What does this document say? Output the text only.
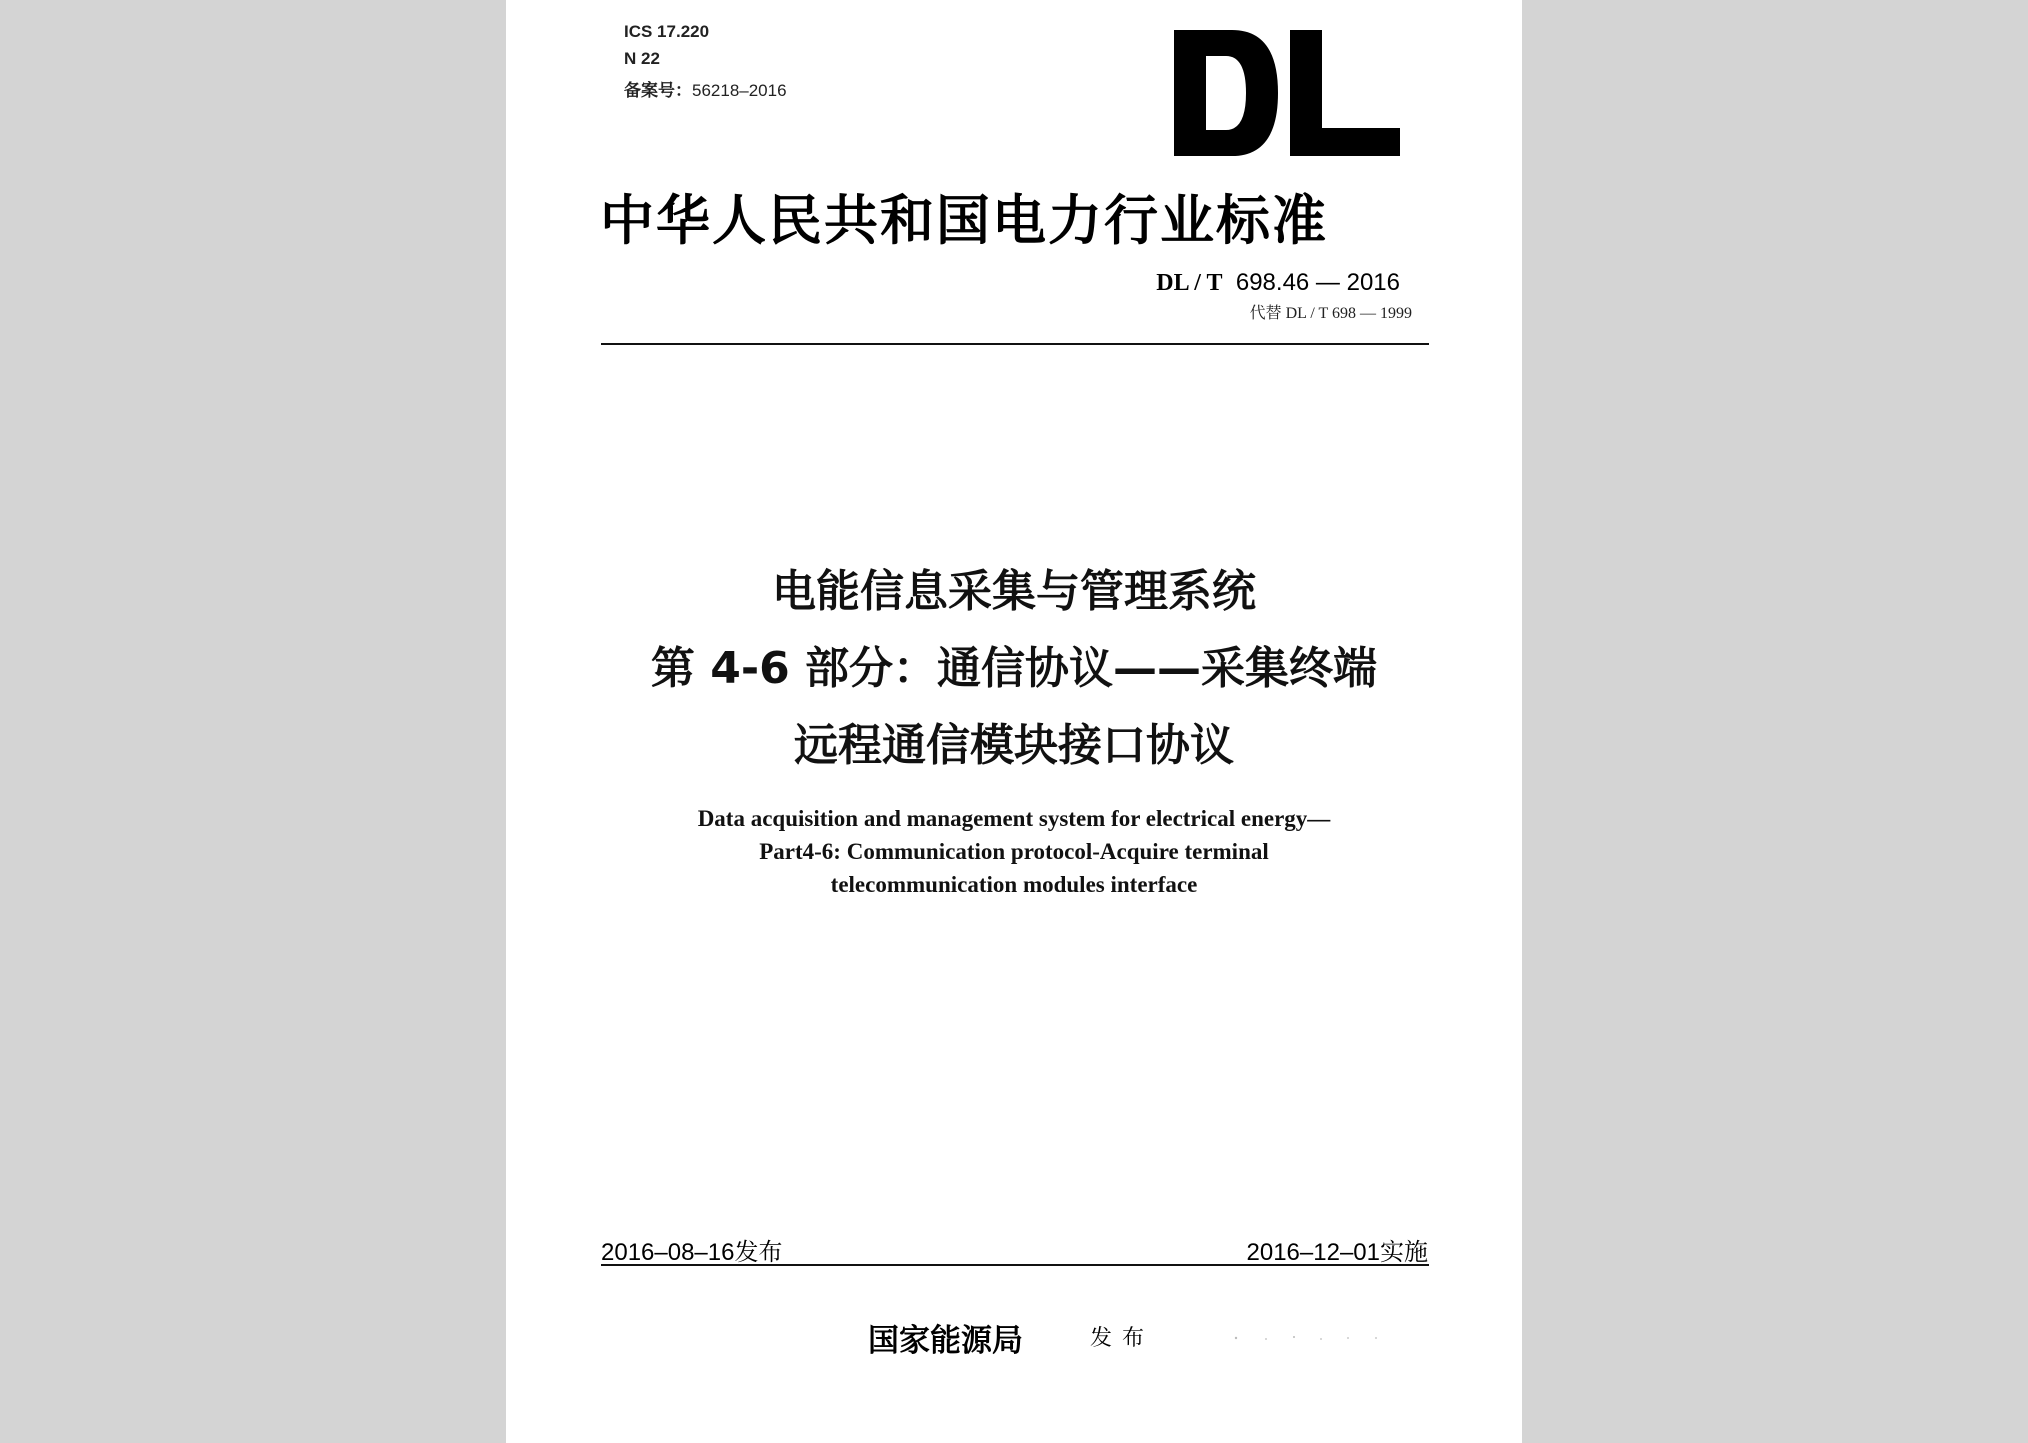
ICS 17.220
N 22
备案号：56218–2016
中华人民共和国电力行业标准
DL / T 698.46 — 2016
代替 DL / T 698 — 1999
电能信息采集与管理系统
第 4-6 部分：通信协议——采集终端
远程通信模块接口协议
Data acquisition and management system for electrical energy—
Part4-6: Communication protocol-Acquire terminal
telecommunication modules interface
2016–08–16发布	2016–12–01实施
国家能源局	发布
